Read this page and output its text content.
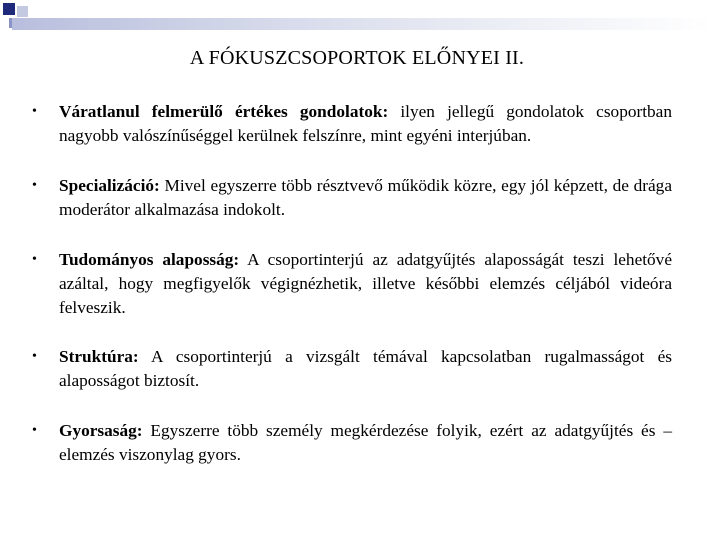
A FÓKUSZCSOPORTOK ELŐNYEI II.
• Váratlanul felmerülő értékes gondolatok: ilyen jellegű gondolatok csoportban nagyobb valószínűséggel kerülnek felszínre, mint egyéni interjúban.
• Specializáció: Mivel egyszerre több résztvevő működik közre, egy jól képzett, de drága moderátor alkalmazása indokolt.
• Tudományos alaposság: A csoportinterjú az adatgyűjtés alaposságát teszi lehetővé azáltal, hogy megfigyelők végignézhetik, illetve későbbi elemzés céljából videóra felveszik.
• Struktúra: A csoportinterjú a vizsgált témával kapcsolatban rugalmasságot és alaposságot biztosít.
• Gyorsaság: Egyszerre több személy megkérdezése folyik, ezért az adatgyűjtés és – elemzés viszonylag gyors.
